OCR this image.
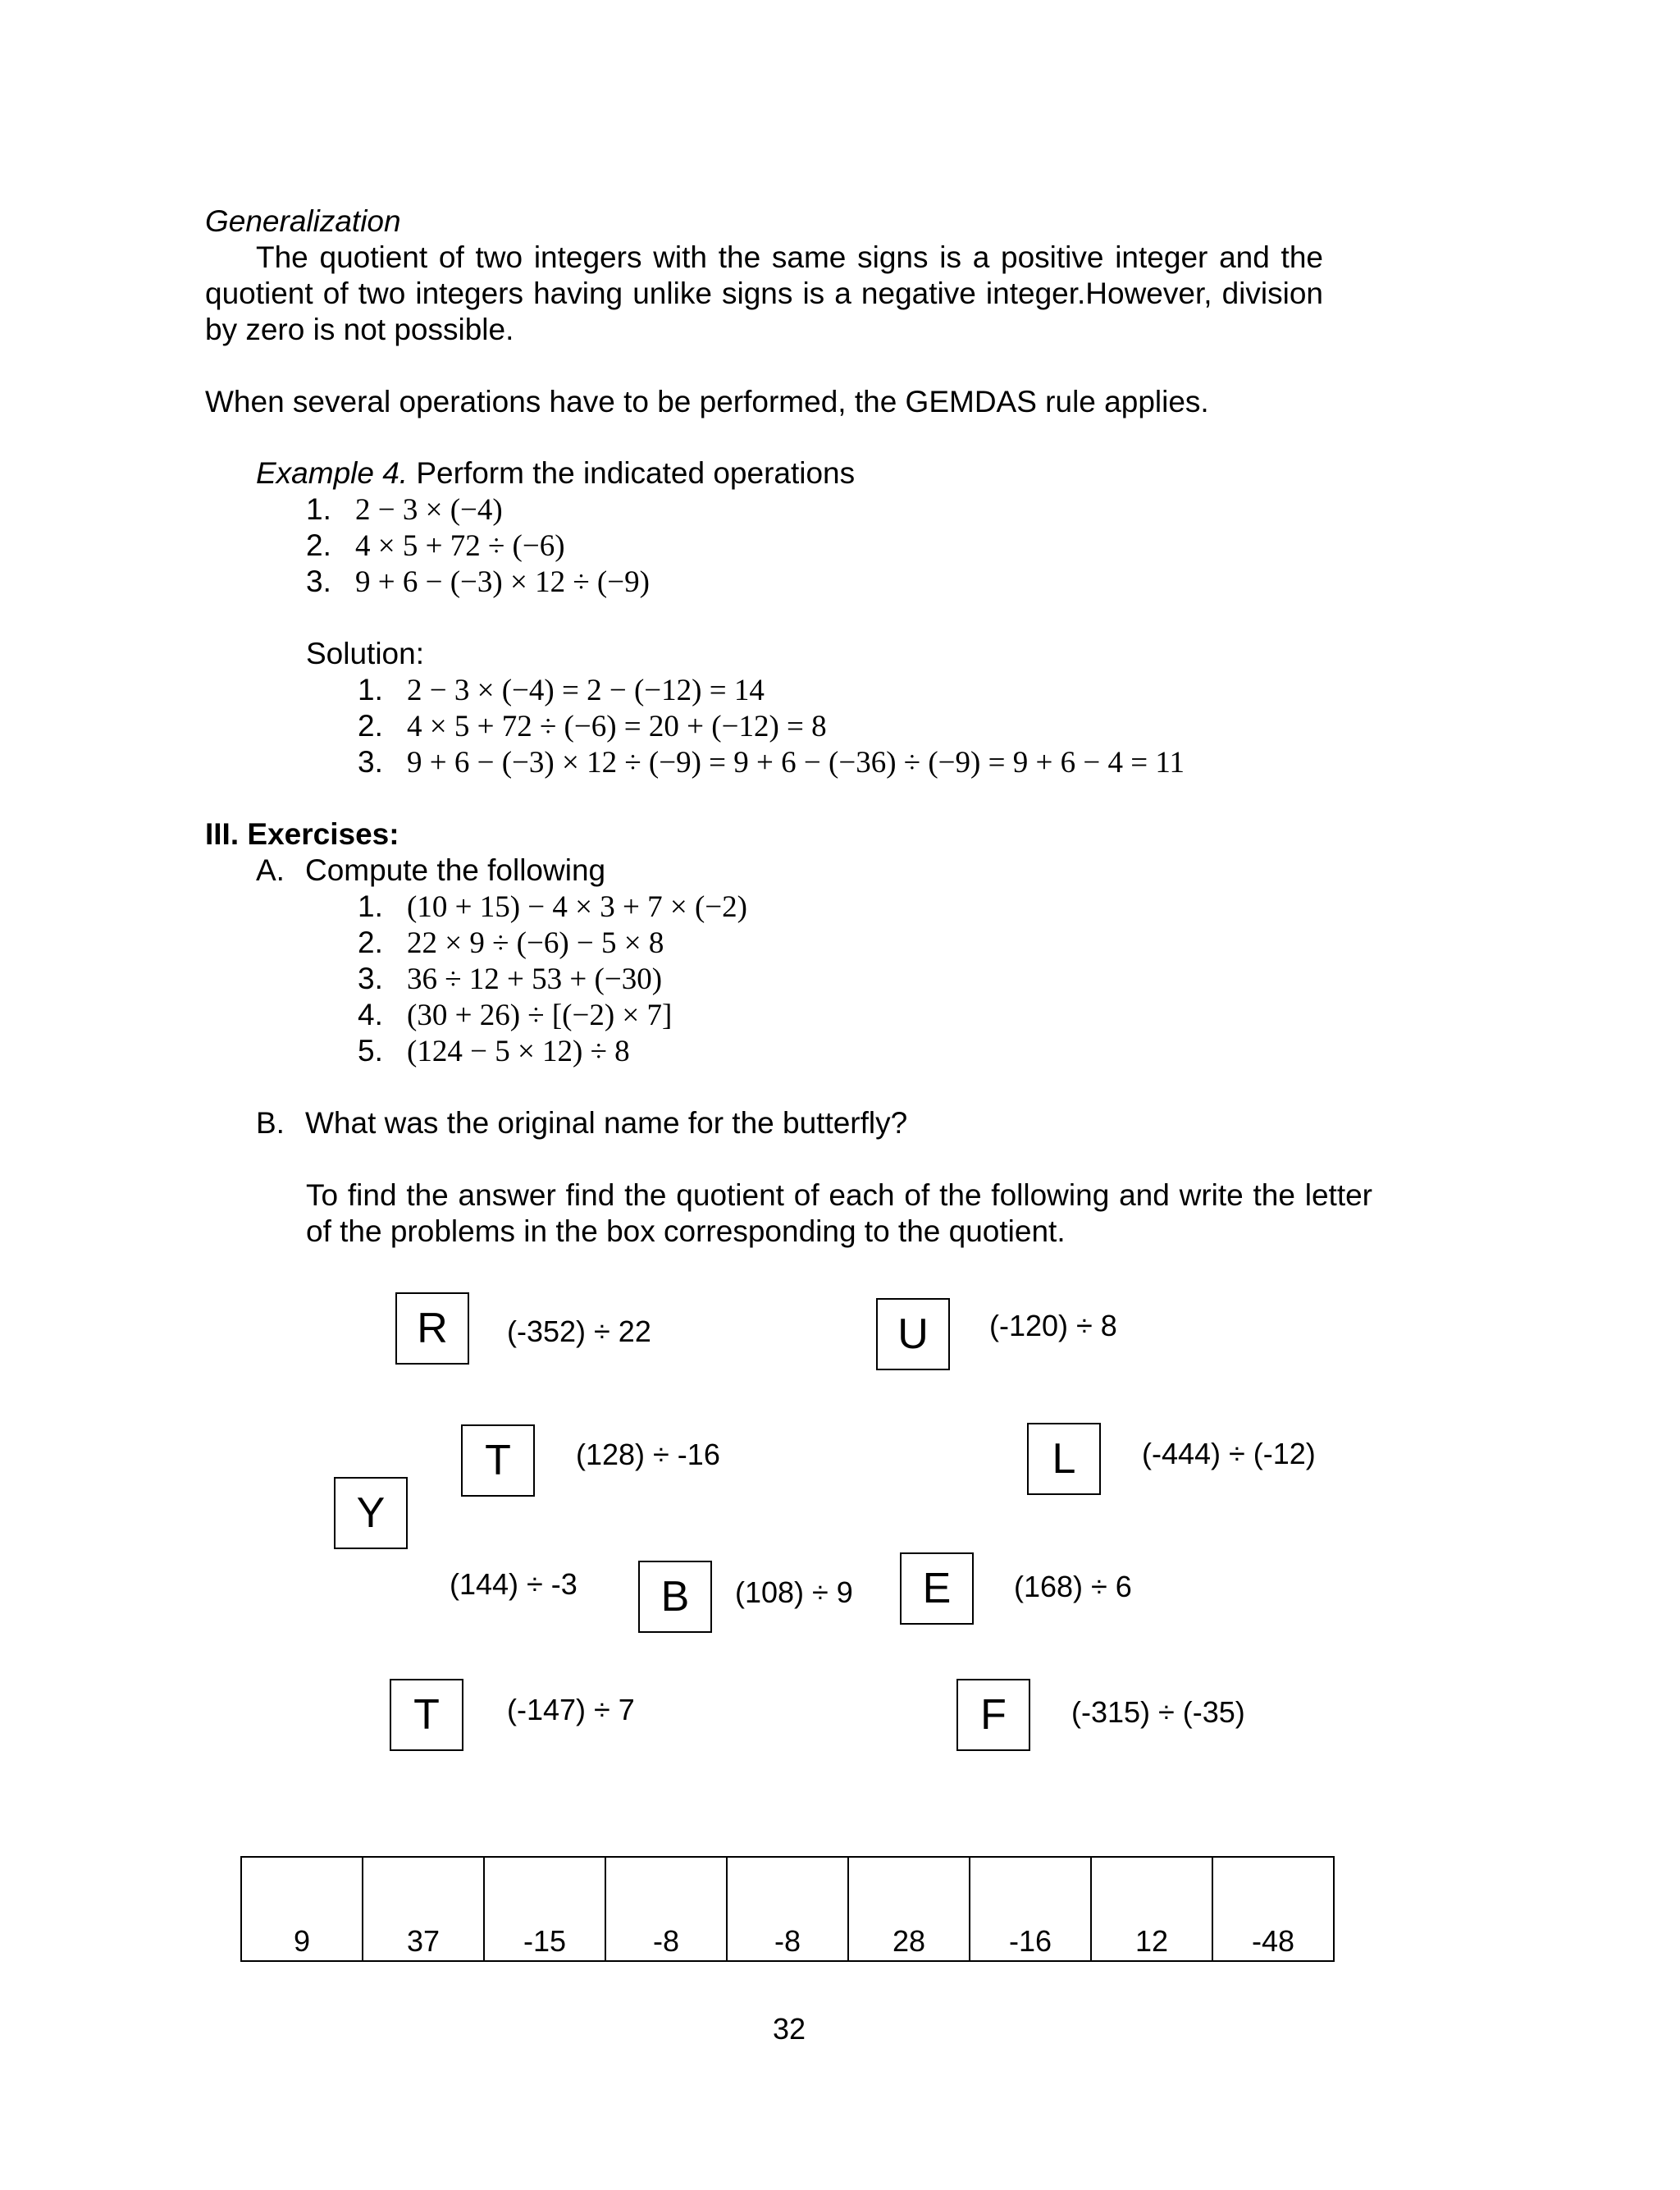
Generalization
The quotient of two integers with the same signs is a positive integer and the quotient of two integers having unlike signs is a negative integer.However, division by zero is not possible.
When several operations have to be performed, the GEMDAS rule applies.
Example 4. Perform the indicated operations
1. 2 − 3 × (−4)
2. 4 × 5 + 72 ÷ (−6)
3. 9 + 6 − (−3) × 12 ÷ (−9)
Solution:
1. 2 − 3 × (−4) = 2 − (−12) = 14
2. 4 × 5 + 72 ÷ (−6) = 20 + (−12) = 8
3. 9 + 6 − (−3) × 12 ÷ (−9) = 9 + 6 − (−36) ÷ (−9) = 9 + 6 − 4 = 11
III. Exercises:
A. Compute the following
1. (10 + 15) − 4 × 3 + 7 × (−2)
2. 22 × 9 ÷ (−6) − 5 × 8
3. 36 ÷ 12 + 53 + (−30)
4. (30 + 26) ÷ [(−2) × 7]
5. (124 − 5 × 12) ÷ 8
B. What was the original name for the butterfly?
To find the answer find the quotient of each of the following and write the letter of the problems in the box corresponding to the quotient.
R	(-352) ÷ 22	U	(-120) ÷ 8
T	(128) ÷ -16	L	(-444) ÷ (-12)
Y
(144) ÷ -3	B	(108) ÷ 9	E	(168) ÷ 6
T	(-147) ÷ 7	F	(-315) ÷ (-35)
9	37	-15	-8	-8	28	-16	12	-48
32
